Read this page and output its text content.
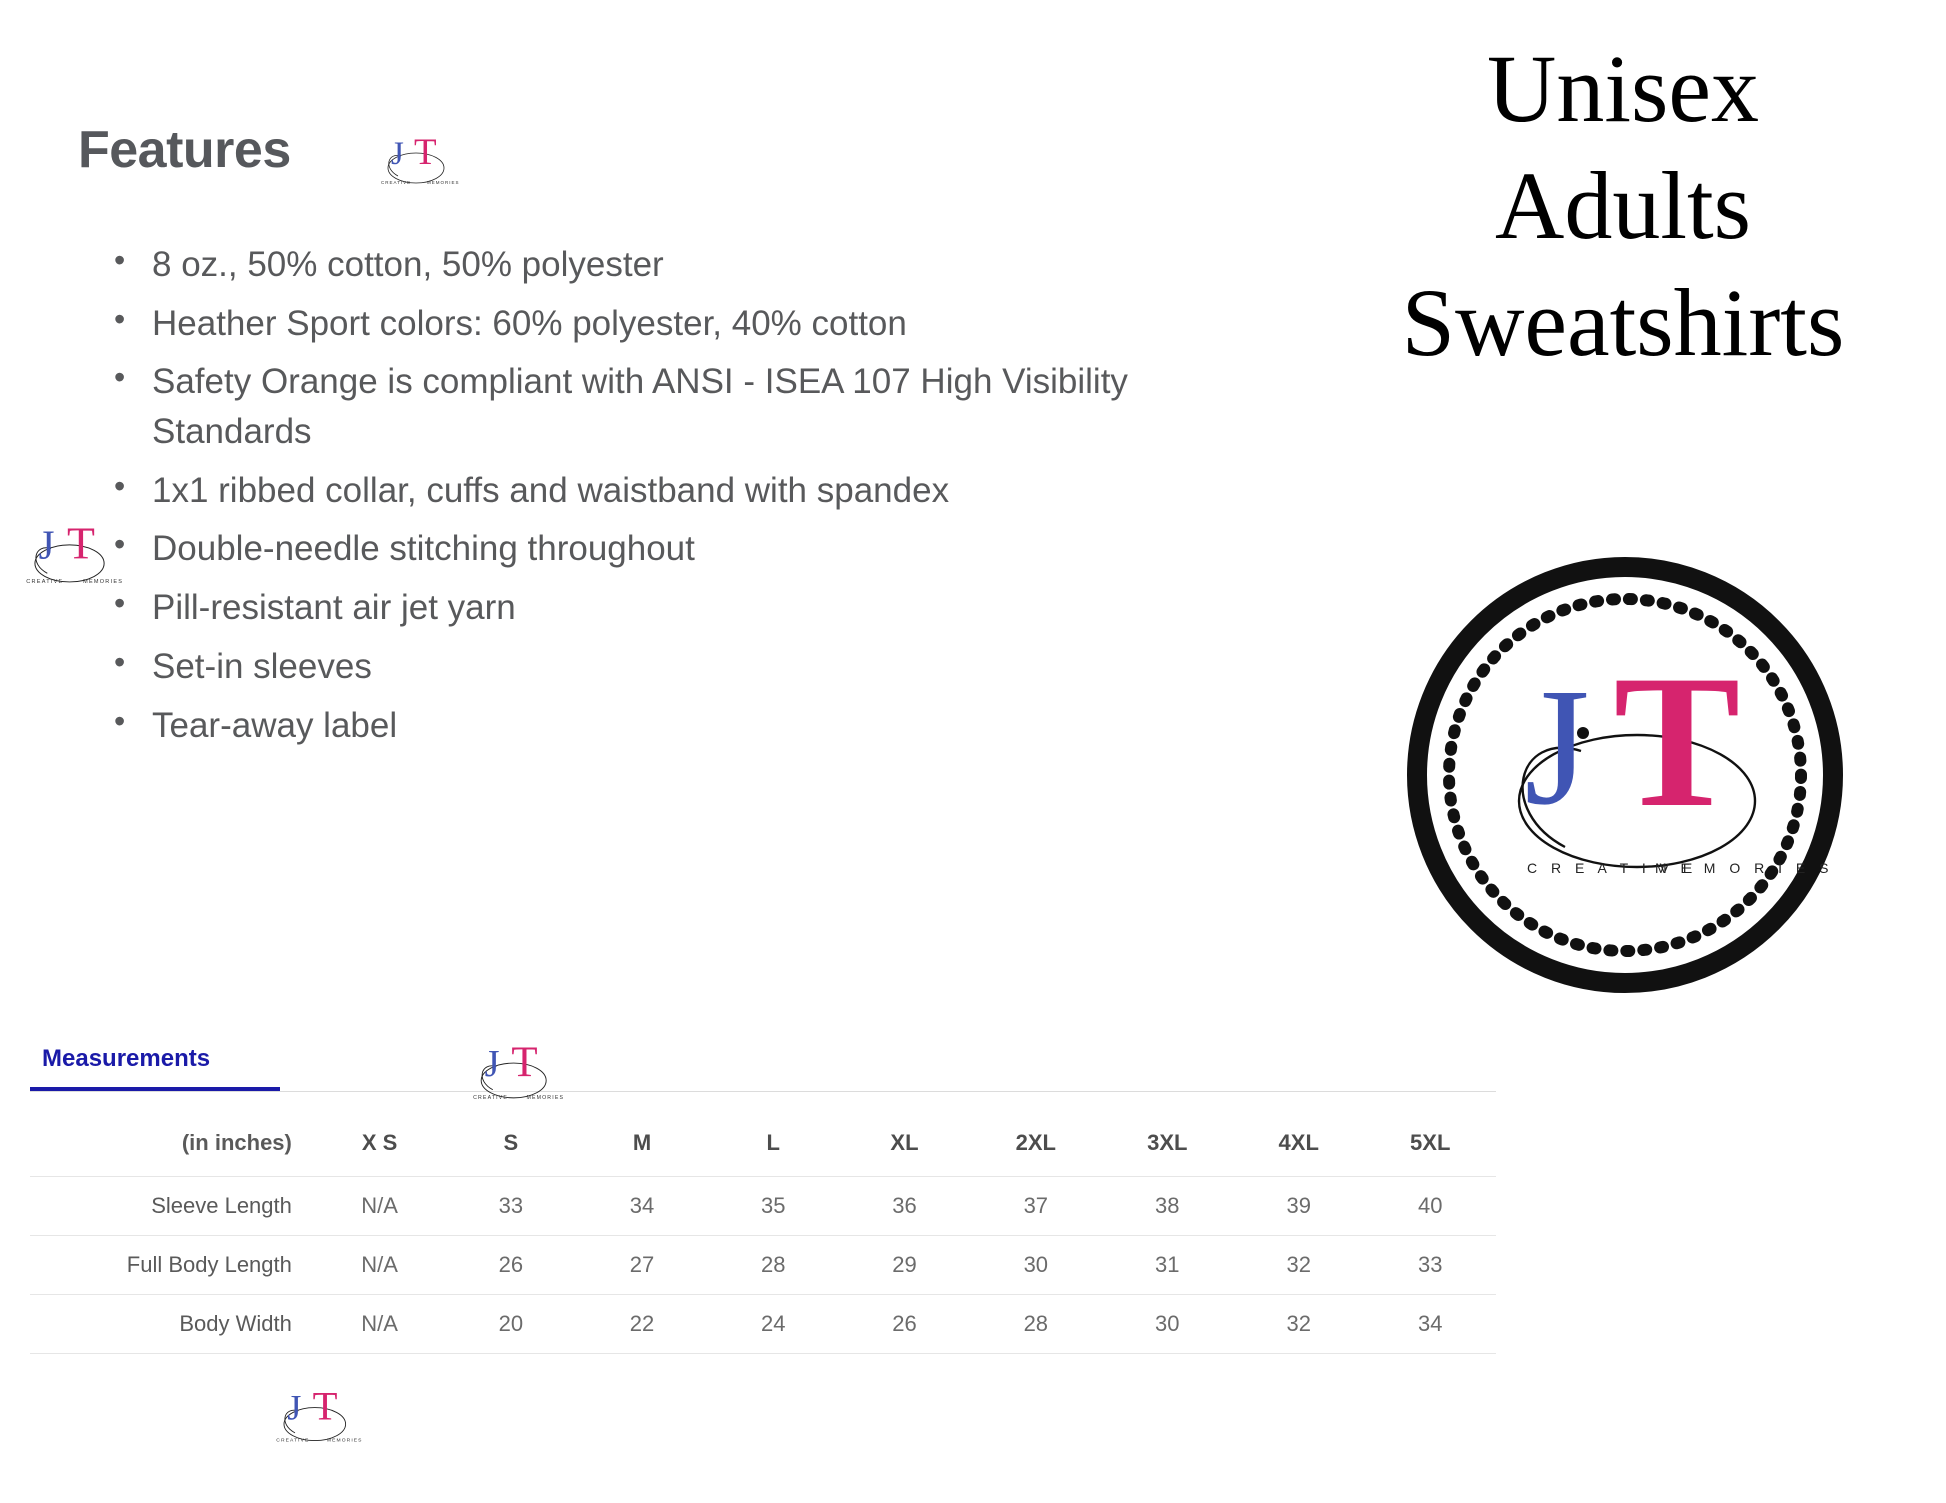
Features J T
CREATIVE MEMORIES
J T
CREATIVE MEMORIES
• 8 oz., 50% cotton, 50% polyester
• Heather Sport colors: 60% polyester, 40% cotton
• Safety Orange is compliant with ANSI - ISEA 107 High Visibility Standards
• 1x1 ribbed collar, cuffs and waistband with spandex
• Double-needle stitching throughout
• Pill-resistant air jet yarn
• Set-in sleeves
• Tear-away label
Measurements
(in inches)	X S	S	M	L	XL	2XL	3XL	4XL	5XL
Sleeve Length	N/A	33	34	35	36	37	38	39	40
Full Body Length	N/A	26	27	28	29	30	31	32	33
Body Width	N/A	20	22	24	26	28	30	32	34
J T
CREATIVE MEMORIES
J T
CREATIVE MEMORIES
Unisex
Adults
Sweatshirts
J T
C R E A T I V E
M E M O R I E S
